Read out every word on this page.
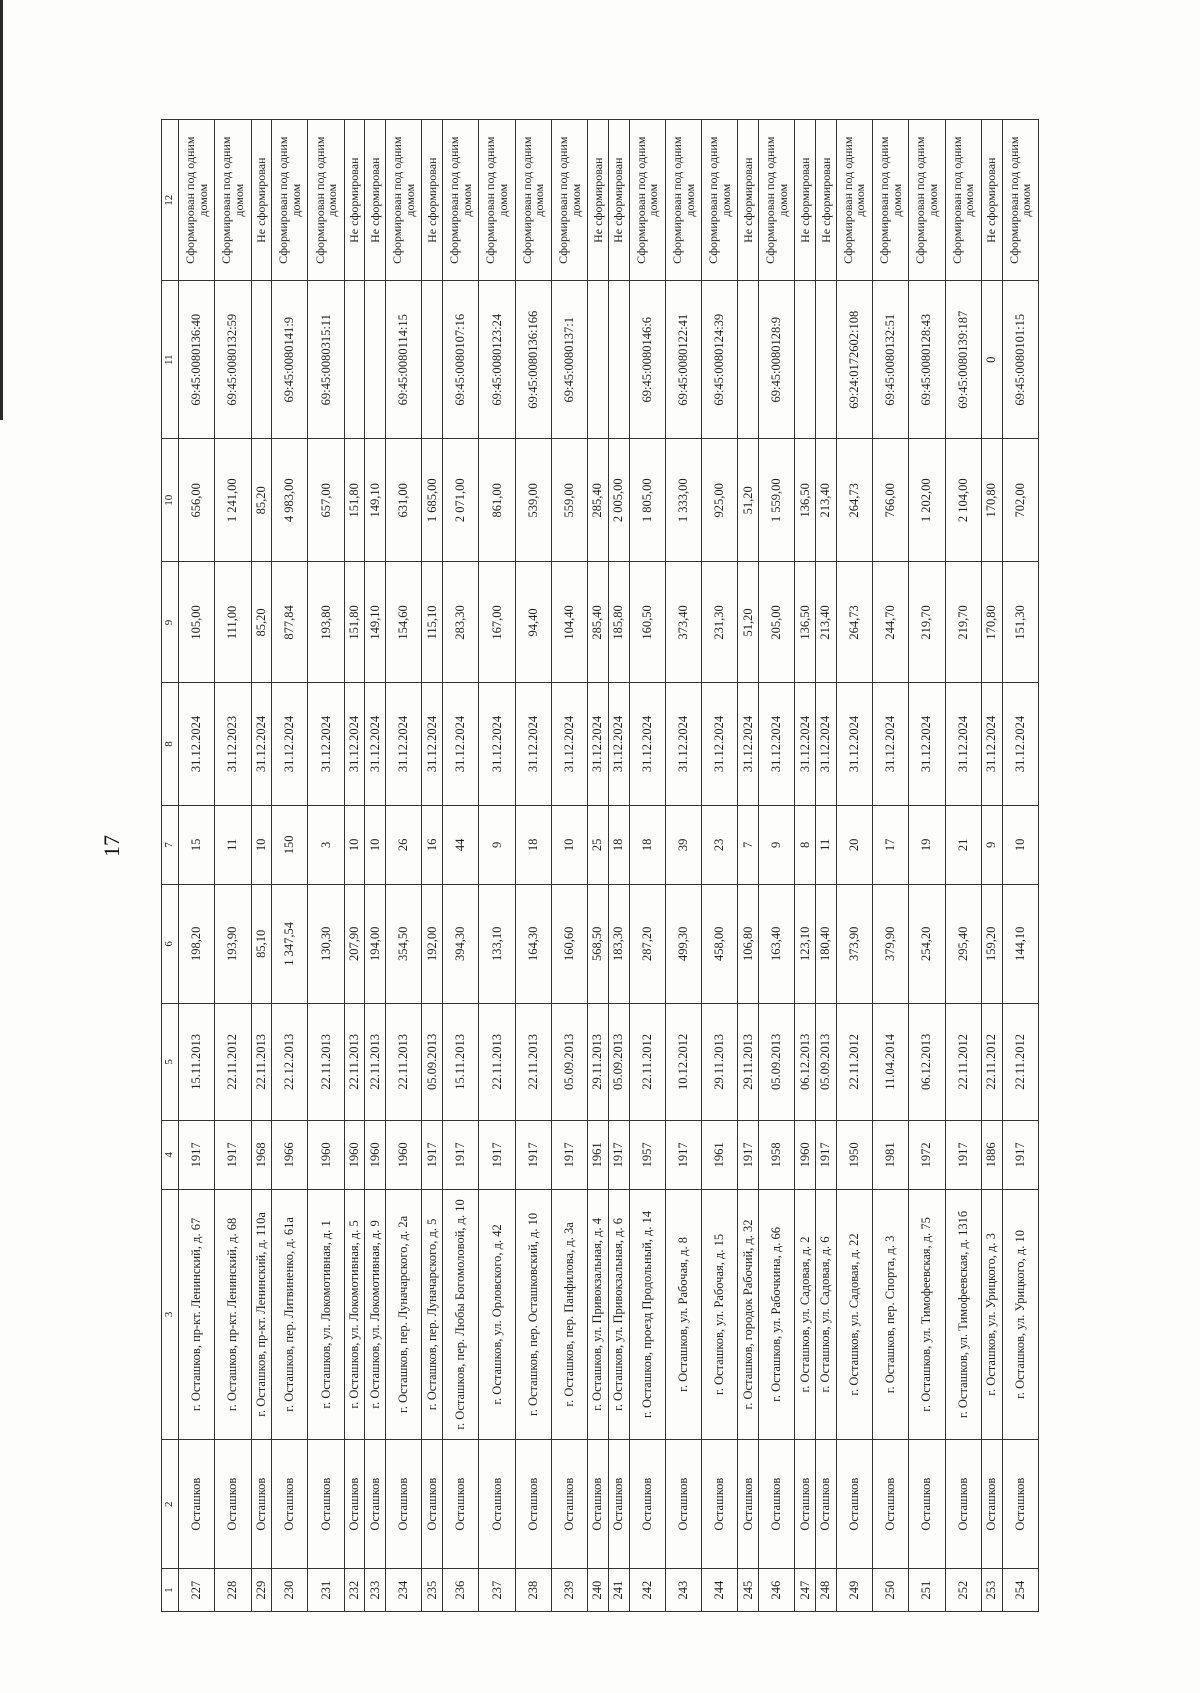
17
1	2	3	4	5	6	7	8	9	10	11	12
227	Осташков	г. Осташков, пр-кт. Ленинский, д. 67	1917	15.11.2013	198,20	15	31.12.2024	105,00	656,00	69:45:0080136:40	Сформирован под одним домом
228	Осташков	г. Осташков, пр-кт. Ленинский, д. 68	1917	22.11.2012	193,90	11	31.12.2023	111,00	1 241,00	69:45:0080132:59	Сформирован под одним домом
229	Осташков	г. Осташков, пр-кт. Ленинский, д. 110а	1968	22.11.2013	85,10	10	31.12.2024	85,20	85,20		Не сформирован
230	Осташков	г. Осташков, пер. Литвиненко, д. 61а	1966	22.12.2013	1 347,54	150	31.12.2024	877,84	4 983,00	69:45:0080141:9	Сформирован под одним домом
231	Осташков	г. Осташков, ул. Локомотивная, д. 1	1960	22.11.2013	130,30	3	31.12.2024	193,80	657,00	69:45:0080315:11	Сформирован под одним домом
232	Осташков	г. Осташков, ул. Локомотивная, д. 5	1960	22.11.2013	207,90	10	31.12.2024	151,80	151,80		Не сформирован
233	Осташков	г. Осташков, ул. Локомотивная, д. 9	1960	22.11.2013	194,00	10	31.12.2024	149,10	149,10		Не сформирован
234	Осташков	г. Осташков, пер. Луначарского, д. 2а	1960	22.11.2013	354,50	26	31.12.2024	154,60	631,00	69:45:0080114:15	Сформирован под одним домом
235	Осташков	г. Осташков, пер. Луначарского, д. 5	1917	05.09.2013	192,00	16	31.12.2024	115,10	1 685,00		Не сформирован
236	Осташков	г. Осташков, пер. Любы Богомоловой, д. 10	1917	15.11.2013	394,30	44	31.12.2024	283,30	2 071,00	69:45:0080107:16	Сформирован под одним домом
237	Осташков	г. Осташков, ул. Орловского, д. 42	1917	22.11.2013	133,10	9	31.12.2024	167,00	861,00	69:45:0080123:24	Сформирован под одним домом
238	Осташков	г. Осташков, пер. Осташковский, д. 10	1917	22.11.2013	164,30	18	31.12.2024	94,40	539,00	69:45:0080136:166	Сформирован под одним домом
239	Осташков	г. Осташков, пер. Панфилова, д. 3а	1917	05.09.2013	160,60	10	31.12.2024	104,40	559,00	69:45:0080137:1	Сформирован под одним домом
240	Осташков	г. Осташков, ул. Привокзальная, д. 4	1961	29.11.2013	568,50	25	31.12.2024	285,40	285,40		Не сформирован
241	Осташков	г. Осташков, ул. Привокзальная, д. 6	1917	05.09.2013	183,30	18	31.12.2024	185,80	2 005,00		Не сформирован
242	Осташков	г. Осташков, проезд Продольный, д. 14	1957	22.11.2012	287,20	18	31.12.2024	160,50	1 805,00	69:45:0080146:6	Сформирован под одним домом
243	Осташков	г. Осташков, ул. Рабочая, д. 8	1917	10.12.2012	499,30	39	31.12.2024	373,40	1 333,00	69:45:0080122:41	Сформирован под одним домом
244	Осташков	г. Осташков, ул. Рабочая, д. 15	1961	29.11.2013	458,00	23	31.12.2024	231,30	925,00	69:45:0080124:39	Сформирован под одним домом
245	Осташков	г. Осташков, городок Рабочий, д. 32	1917	29.11.2013	106,80	7	31.12.2024	51,20	51,20		Не сформирован
246	Осташков	г. Осташков, ул. Рабочкина, д. 66	1958	05.09.2013	163,40	9	31.12.2024	205,00	1 559,00	69:45:0080128:9	Сформирован под одним домом
247	Осташков	г. Осташков, ул. Садовая, д. 2	1960	06.12.2013	123,10	8	31.12.2024	136,50	136,50		Не сформирован
248	Осташков	г. Осташков, ул. Садовая, д. 6	1917	05.09.2013	180,40	11	31.12.2024	213,40	213,40		Не сформирован
249	Осташков	г. Осташков, ул. Садовая, д. 22	1950	22.11.2012	373,90	20	31.12.2024	264,73	264,73	69:24:0172602:108	Сформирован под одним домом
250	Осташков	г. Осташков, пер. Спорта, д. 3	1981	11.04.2014	379,90	17	31.12.2024	244,70	766,00	69:45:0080132:51	Сформирован под одним домом
251	Осташков	г. Осташков, ул. Тимофеевская, д. 75	1972	06.12.2013	254,20	19	31.12.2024	219,70	1 202,00	69:45:0080128:43	Сформирован под одним домом
252	Осташков	г. Осташков, ул. Тимофеевская, д. 131б	1917	22.11.2012	295,40	21	31.12.2024	219,70	2 104,00	69:45:0080139:187	Сформирован под одним домом
253	Осташков	г. Осташков, ул. Урицкого, д. 3	1886	22.11.2012	159,20	9	31.12.2024	170,80	170,80	0	Не сформирован
254	Осташков	г. Осташков, ул. Урицкого, д. 10	1917	22.11.2012	144,10	10	31.12.2024	151,30	702,00	69:45:0080101:15	Сформирован под одним домом
